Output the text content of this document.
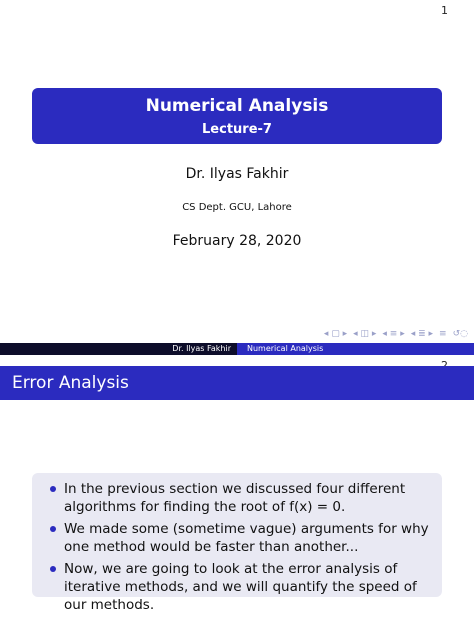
1
Numerical Analysis
Lecture-7
Dr. Ilyas Fakhir
CS Dept. GCU, Lahore
February 28, 2020
◂ ▢ ▸ ◂ ◫ ▸ ◂ ≡ ▸ ◂ ≣ ▸ ≡ ↺◌
Dr. Ilyas Fakhir	Numerical Analysis
Error Analysis
In the previous section we discussed four different algorithms for finding the root of f(x) = 0.
We made some (sometime vague) arguments for why one method would be faster than another...
Now, we are going to look at the error analysis of iterative methods, and we will quantify the speed of our methods.
